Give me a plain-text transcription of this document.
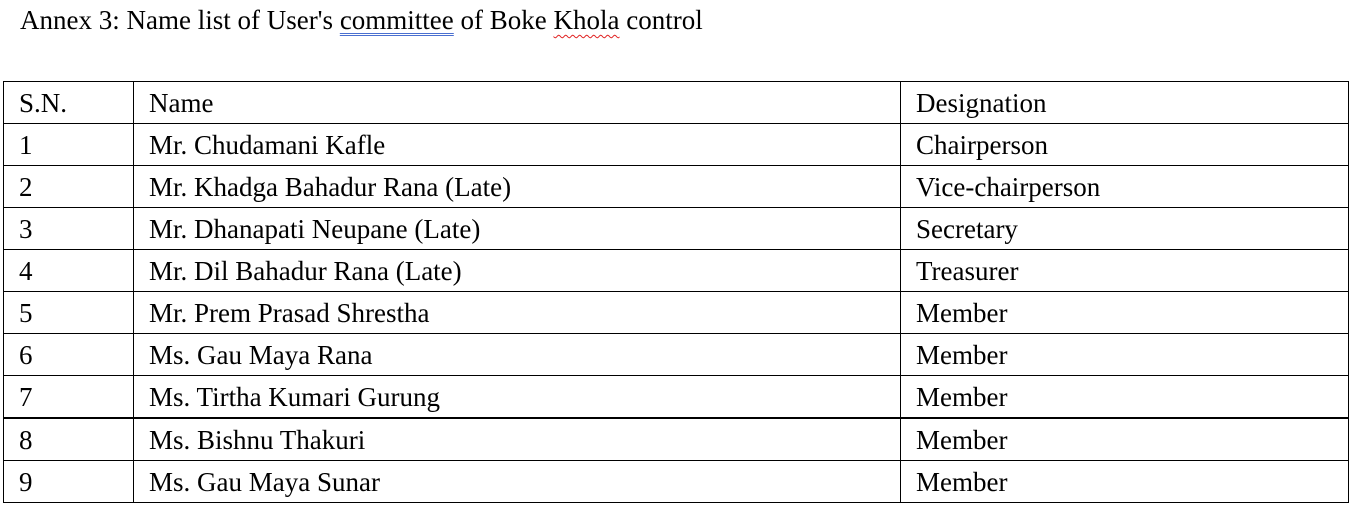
Annex 3: Name list of User's committee of Boke Khola control
S.N.	Name	Designation
1	Mr. Chudamani Kafle	Chairperson
2	Mr. Khadga Bahadur Rana (Late)	Vice-chairperson
3	Mr. Dhanapati Neupane (Late)	Secretary
4	Mr. Dil Bahadur Rana (Late)	Treasurer
5	Mr. Prem Prasad Shrestha	Member
6	Ms. Gau Maya Rana	Member
7	Ms. Tirtha Kumari Gurung	Member
8	Ms. Bishnu Thakuri	Member
9	Ms. Gau Maya Sunar	Member
